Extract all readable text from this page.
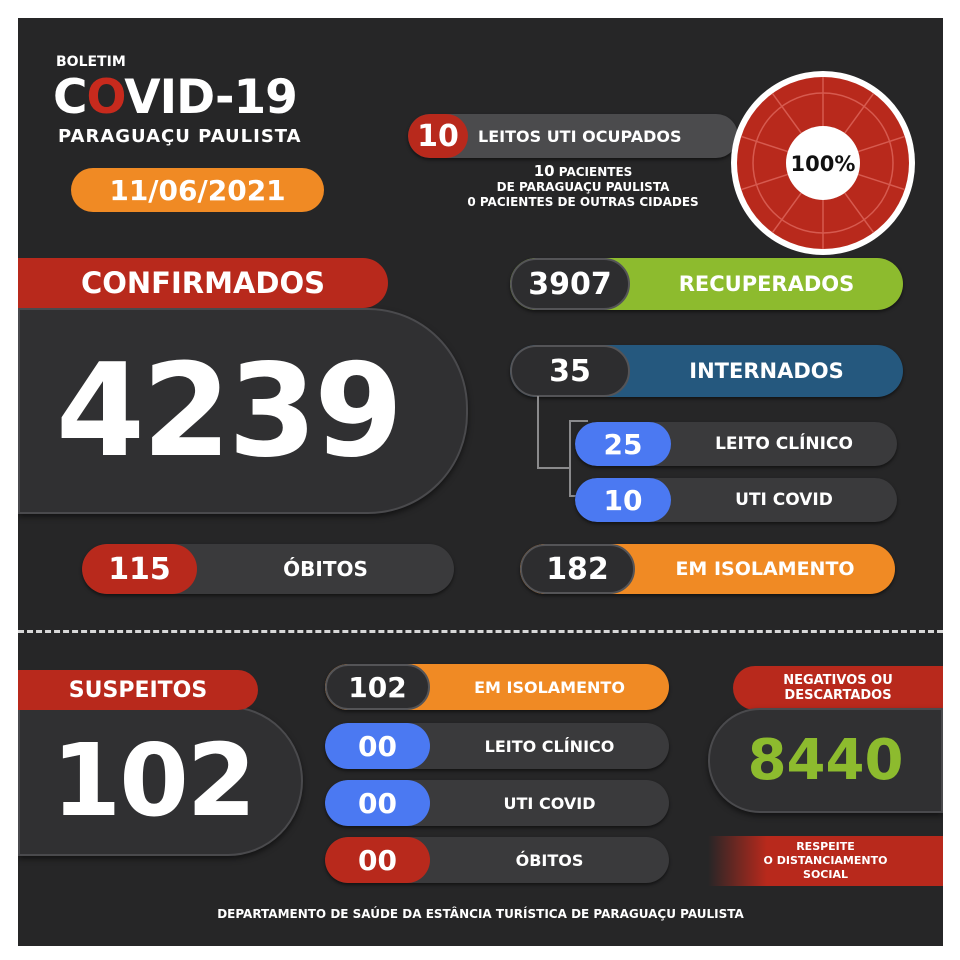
BOLETIM
COVID-19
PARAGUAÇU PAULISTA
11/06/2021
10 LEITOS UTI OCUPADOS
10 PACIENTES
DE PARAGUAÇU PAULISTA
0 PACIENTES DE OUTRAS CIDADES
100%
CONFIRMADOS
4239
3907	RECUPERADOS
35	INTERNADOS
25	LEITO CLÍNICO
10	UTI COVID
115	ÓBITOS	182	EM ISOLAMENTO
SUSPEITOS
102
102	EM ISOLAMENTO
00	LEITO CLÍNICO
00	UTI COVID
00	ÓBITOS
NEGATIVOS OU
DESCARTADOS
8440
RESPEITE
O DISTANCIAMENTO
SOCIAL
DEPARTAMENTO DE SAÚDE DA ESTÂNCIA TURÍSTICA DE PARAGUAÇU PAULISTA
